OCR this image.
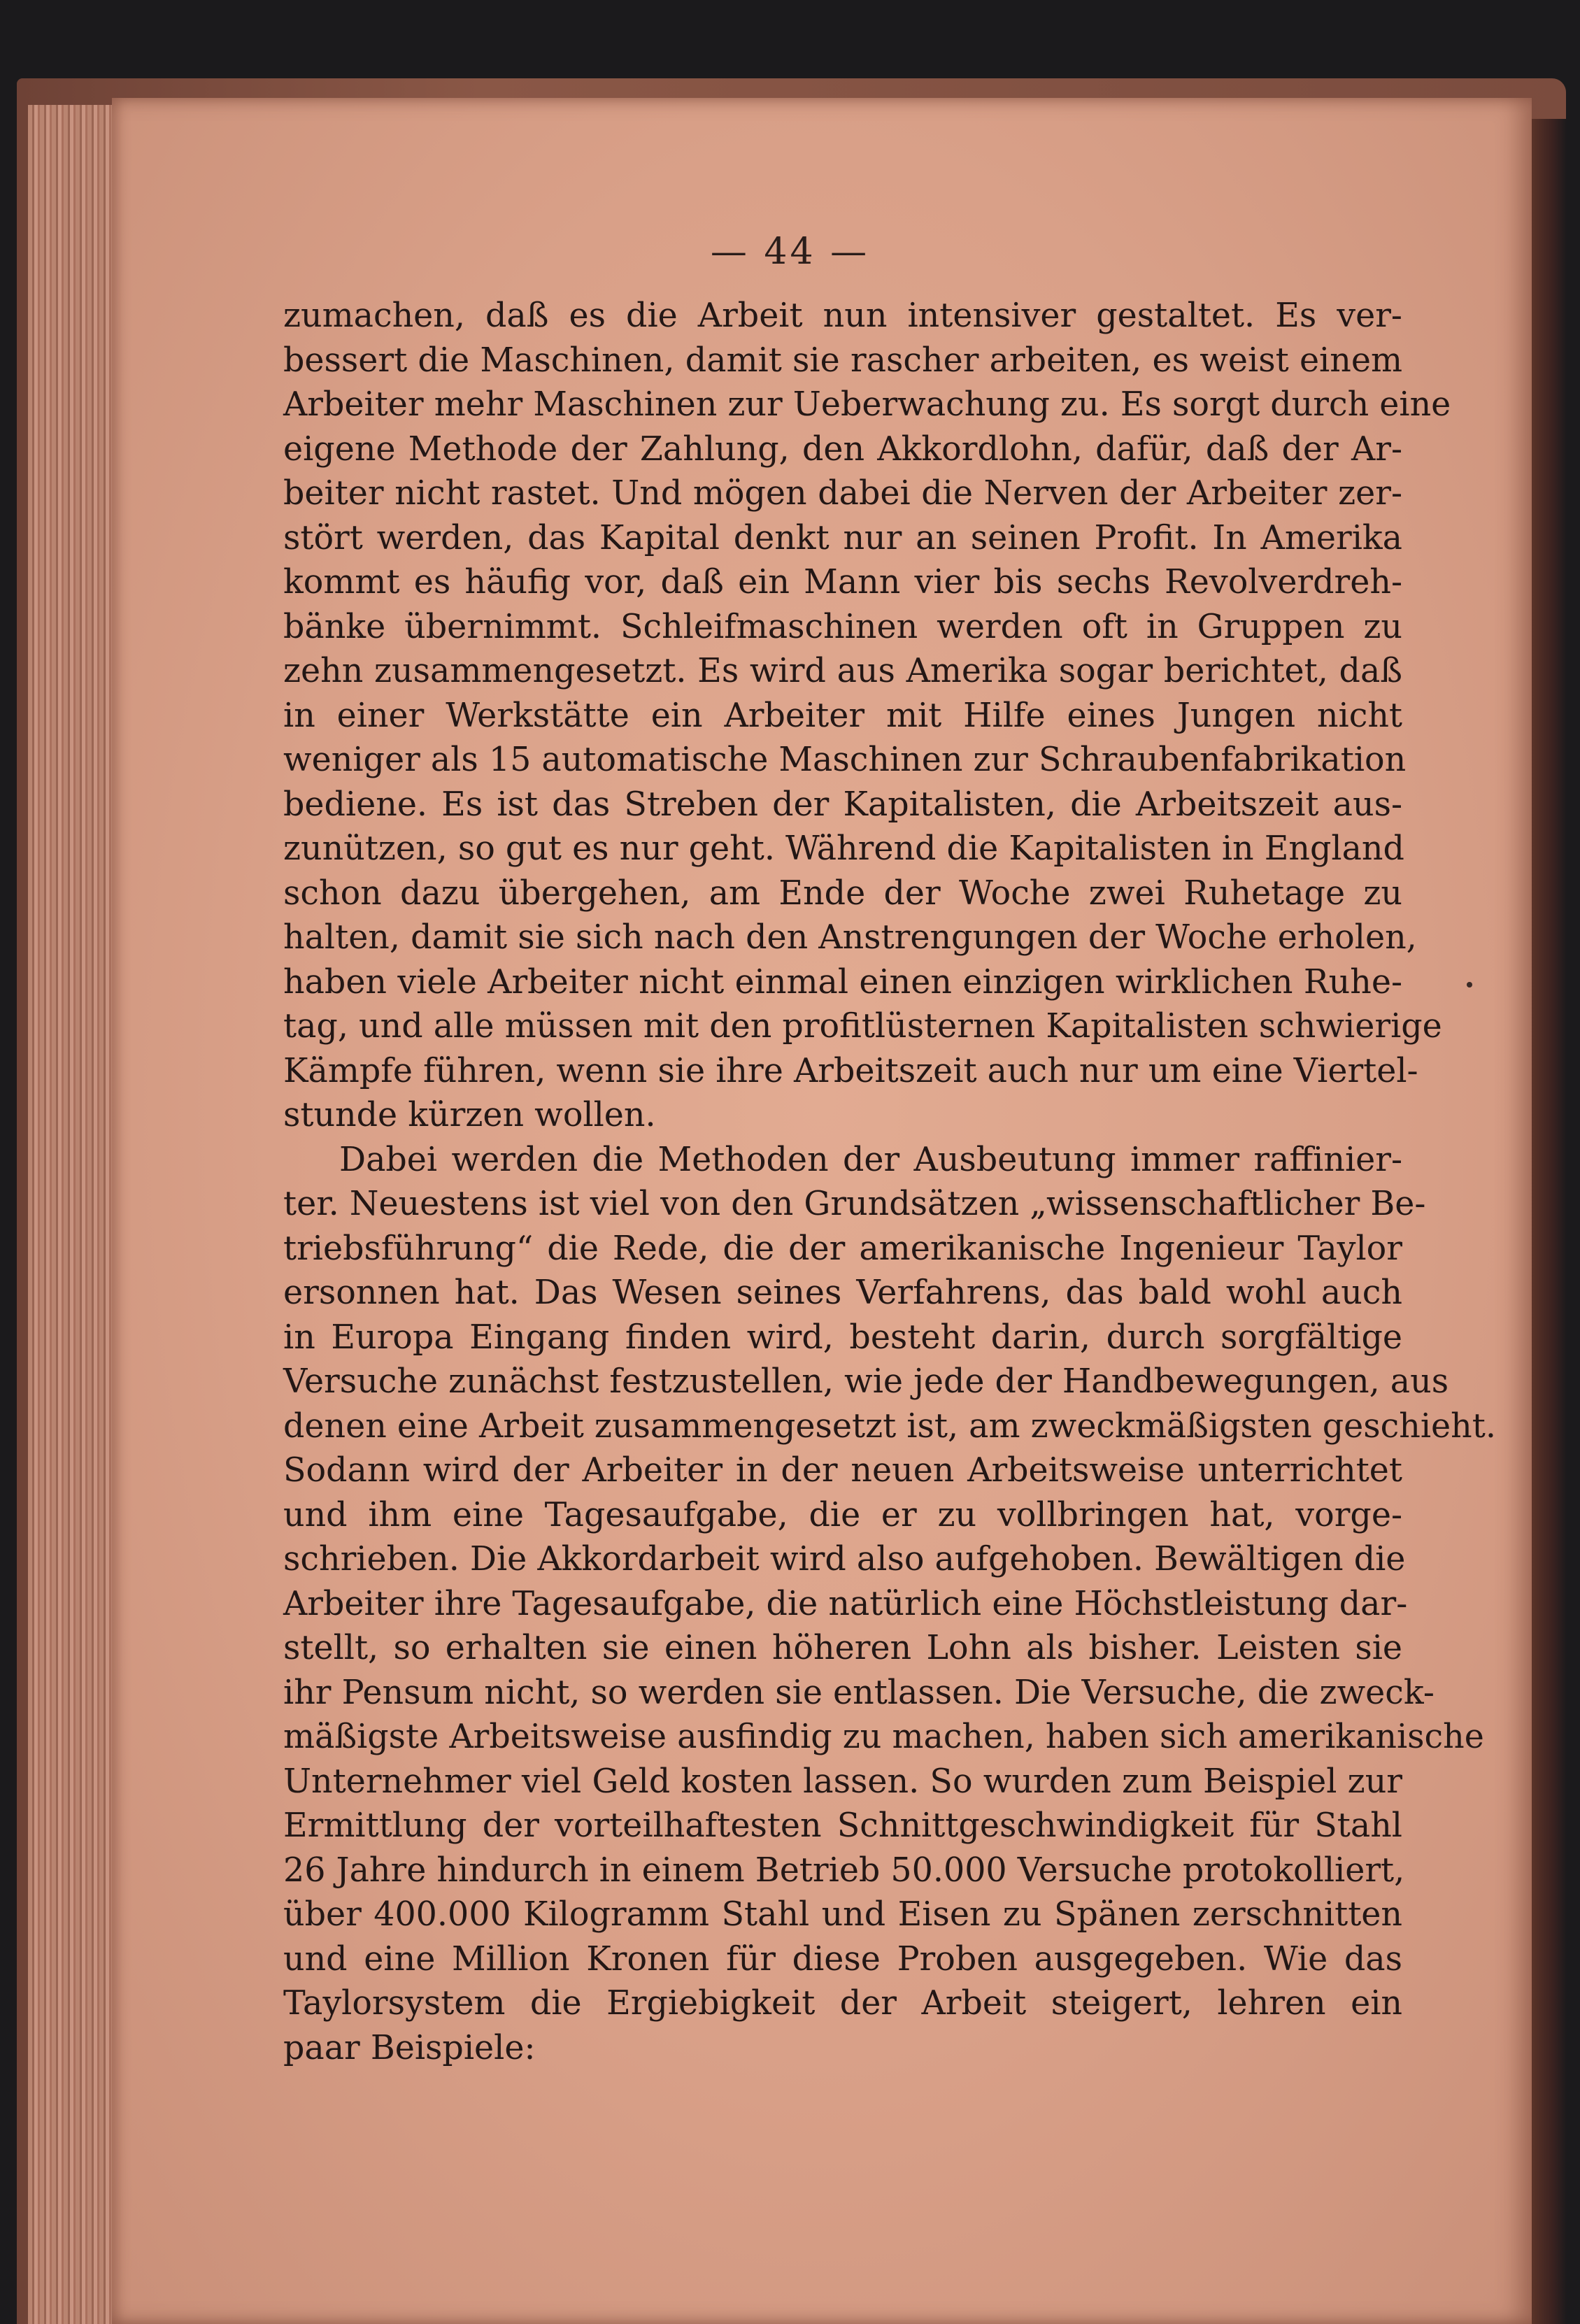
— 44 —
zumachen, daß es die Arbeit nun intensiver gestaltet. Es ver-
bessert die Maschinen, damit sie rascher arbeiten, es weist einem
Arbeiter mehr Maschinen zur Ueberwachung zu. Es sorgt durch eine
eigene Methode der Zahlung, den Akkordlohn, dafür, daß der Ar-
beiter nicht rastet. Und mögen dabei die Nerven der Arbeiter zer-
stört werden, das Kapital denkt nur an seinen Profit. In Amerika
kommt es häufig vor, daß ein Mann vier bis sechs Revolverdreh-
bänke übernimmt. Schleifmaschinen werden oft in Gruppen zu
zehn zusammengesetzt. Es wird aus Amerika sogar berichtet, daß
in einer Werkstätte ein Arbeiter mit Hilfe eines Jungen nicht
weniger als 15 automatische Maschinen zur Schraubenfabrikation
bediene. Es ist das Streben der Kapitalisten, die Arbeitszeit aus-
zunützen, so gut es nur geht. Während die Kapitalisten in England
schon dazu übergehen, am Ende der Woche zwei Ruhetage zu
halten, damit sie sich nach den Anstrengungen der Woche erholen,
haben viele Arbeiter nicht einmal einen einzigen wirklichen Ruhe-
tag, und alle müssen mit den profitlüsternen Kapitalisten schwierige
Kämpfe führen, wenn sie ihre Arbeitszeit auch nur um eine Viertel-
stunde kürzen wollen.
Dabei werden die Methoden der Ausbeutung immer raffinier-
ter. Neuestens ist viel von den Grundsätzen „wissenschaftlicher Be-
triebsführung“ die Rede, die der amerikanische Ingenieur Taylor
ersonnen hat. Das Wesen seines Verfahrens, das bald wohl auch
in Europa Eingang finden wird, besteht darin, durch sorgfältige
Versuche zunächst festzustellen, wie jede der Handbewegungen, aus
denen eine Arbeit zusammengesetzt ist, am zweckmäßigsten geschieht.
Sodann wird der Arbeiter in der neuen Arbeitsweise unterrichtet
und ihm eine Tagesaufgabe, die er zu vollbringen hat, vorge-
schrieben. Die Akkordarbeit wird also aufgehoben. Bewältigen die
Arbeiter ihre Tagesaufgabe, die natürlich eine Höchstleistung dar-
stellt, so erhalten sie einen höheren Lohn als bisher. Leisten sie
ihr Pensum nicht, so werden sie entlassen. Die Versuche, die zweck-
mäßigste Arbeitsweise ausfindig zu machen, haben sich amerikanische
Unternehmer viel Geld kosten lassen. So wurden zum Beispiel zur
Ermittlung der vorteilhaftesten Schnittgeschwindigkeit für Stahl
26 Jahre hindurch in einem Betrieb 50.000 Versuche protokolliert,
über 400.000 Kilogramm Stahl und Eisen zu Spänen zerschnitten
und eine Million Kronen für diese Proben ausgegeben. Wie das
Taylorsystem die Ergiebigkeit der Arbeit steigert, lehren ein
paar Beispiele:
